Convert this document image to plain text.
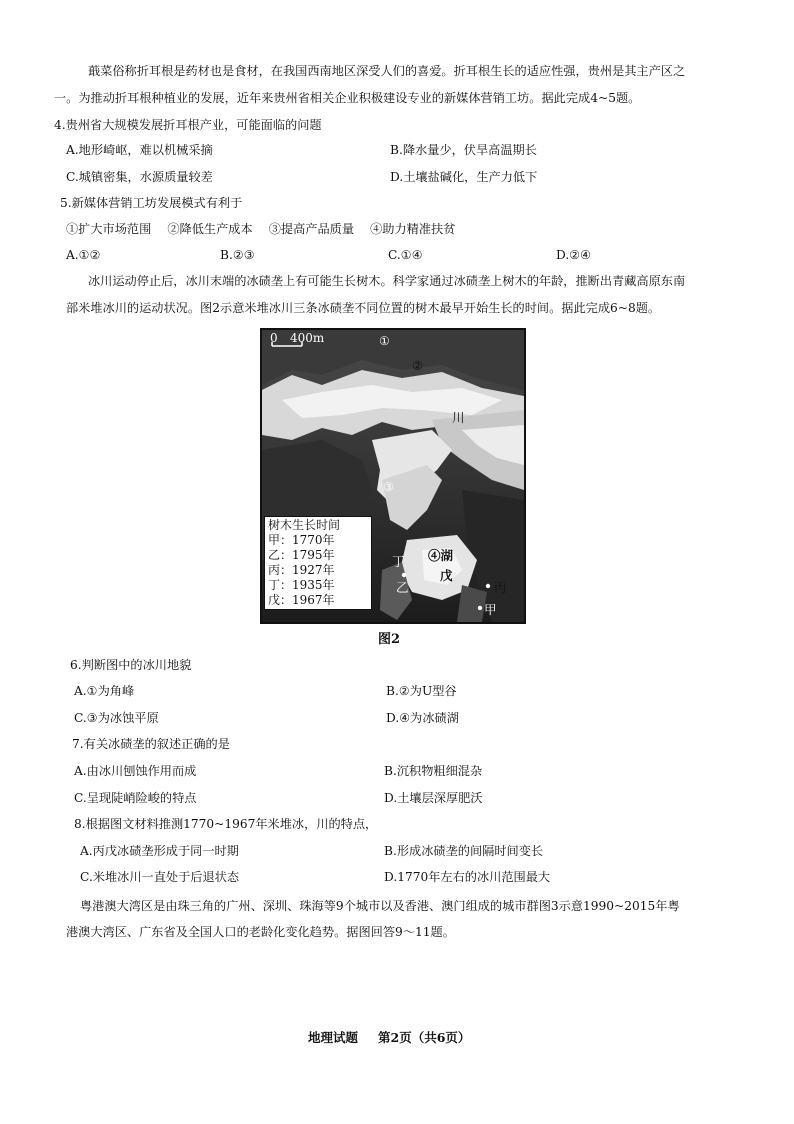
蕺菜俗称折耳根是药材也是食材，在我国西南地区深受人们的喜爱。折耳根生长的适应性强，贵州是其主产区之
一。为推动折耳根种植业的发展，近年来贵州省相关企业积极建设专业的新媒体营销工坊。据此完成4~5题。
4.贵州省大规模发展折耳根产业，可能面临的问题
A.地形崎岖，难以机械采摘	B.降水量少，伏旱高温期长
C.城镇密集，水源质量较差	D.土壤盐碱化，生产力低下
5.新媒体营销工坊发展模式有利于
①扩大市场范围　 ②降低生产成本　 ③提高产品质量　 ④助力精准扶贫
A.①②	B.②③	C.①④	D.②④
冰川运动停止后，冰川末端的冰碛垄上有可能生长树木。科学家通过冰碛垄上树木的年龄，推断出青藏高原东南
部米堆冰川的运动状况。图2示意米堆冰川三条冰碛垄不同位置的树木最早开始生长的时间。据此完成6~8题。
0 400m	①
②
川
③
④湖
戊
丁
乙	丙
甲
树木生长时间
甲：1770年
乙：1795年
丙：1927年
丁：1935年
戊：1967年
图2
6.判断图中的冰川地貌
A.①为角峰	B.②为U型谷
C.③为冰蚀平原	D.④为冰碛湖
7.有关冰碛垄的叙述正确的是
A.由冰川刨蚀作用而成	B.沉积物粗细混杂
C.呈现陡峭险峻的特点	D.土壤层深厚肥沃
8.根据图文材料推测1770~1967年米堆冰，川的特点，
A.丙戊冰碛垄形成于同一时期	B.形成冰碛垄的间隔时间变长
C.米堆冰川一直处于后退状态	D.1770年左右的冰川范围最大
粤港澳大湾区是由珠三角的广州、深圳、珠海等9个城市以及香港、澳门组成的城市群图3示意1990~2015年粤
港澳大湾区、广东省及全国人口的老龄化变化趋势。据图回答9～11题。
地理试题 第2页（共6页）
